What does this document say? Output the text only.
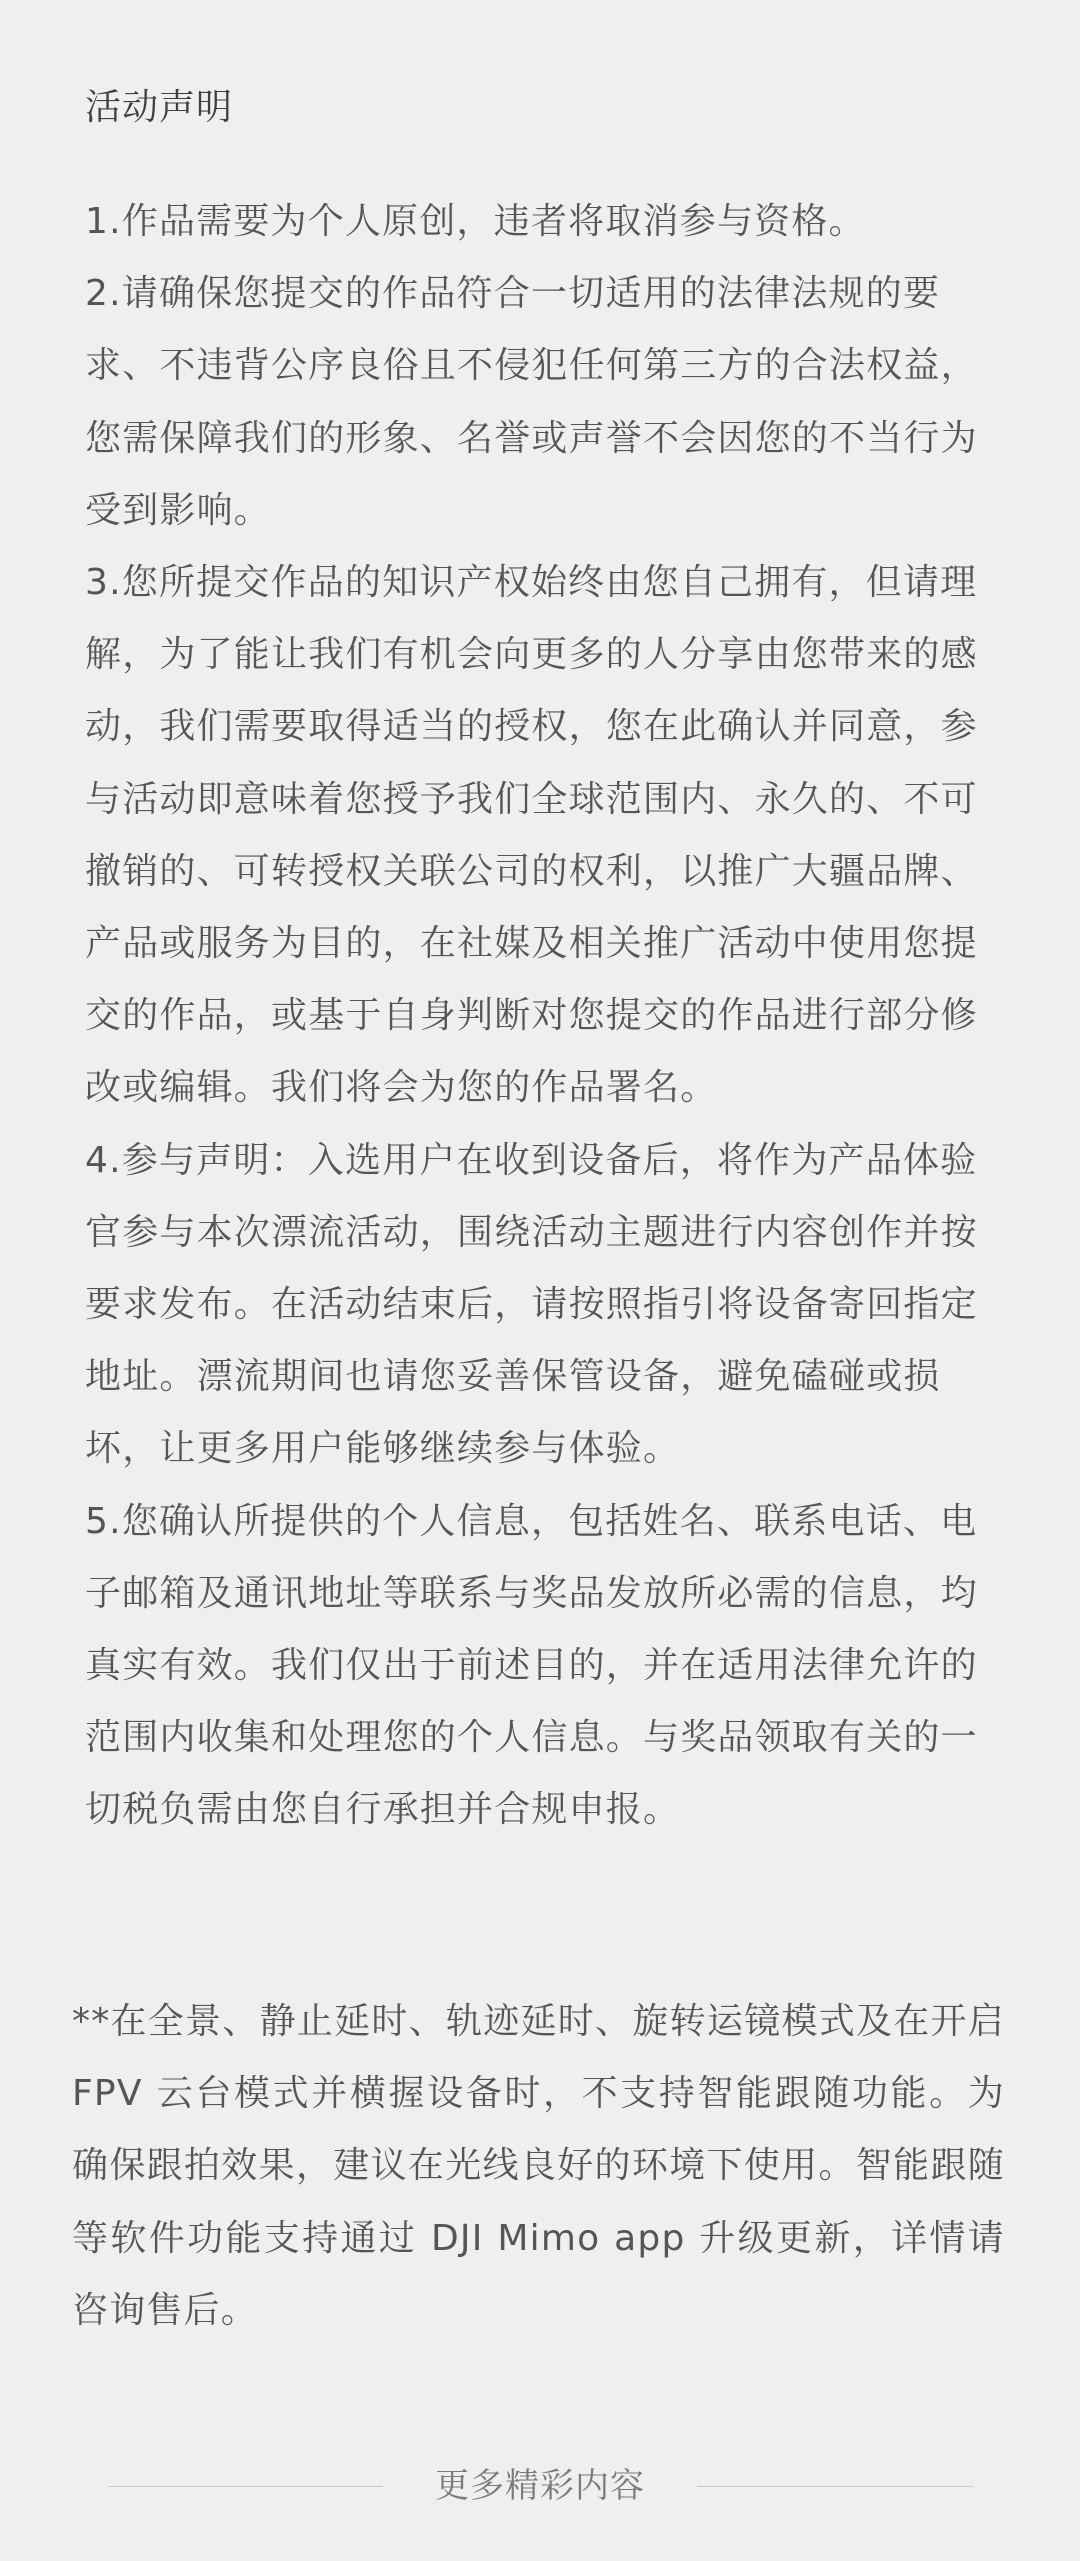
活动声明

1.作品需要为个人原创，违者将取消参与资格。

2.请确保您提交的作品符合一切适用的法律法规的要求、不违背公序良俗且不侵犯任何第三方的合法权益，您需保障我们的形象、名誉或声誉不会因您的不当行为受到影响。

3.您所提交作品的知识产权始终由您自己拥有，但请理解，为了能让我们有机会向更多的人分享由您带来的感动，我们需要取得适当的授权，您在此确认并同意，参与活动即意味着您授予我们全球范围内、永久的、不可撤销的、可转授权关联公司的权利，以推广大疆品牌、产品或服务为目的，在社媒及相关推广活动中使用您提交的作品，或基于自身判断对您提交的作品进行部分修改或编辑。我们将会为您的作品署名。

4.参与声明：入选用户在收到设备后，将作为产品体验官参与本次漂流活动，围绕活动主题进行内容创作并按要求发布。在活动结束后，请按照指引将设备寄回指定地址。漂流期间也请您妥善保管设备，避免磕碰或损坏，让更多用户能够继续参与体验。

5.您确认所提供的个人信息，包括姓名、联系电话、电子邮箱及通讯地址等联系与奖品发放所必需的信息，均真实有效。我们仅出于前述目的，并在适用法律允许的范围内收集和处理您的个人信息。与奖品领取有关的一切税负需由您自行承担并合规申报。

**在全景、静止延时、轨迹延时、旋转运镜模式及在开启 FPV 云台模式并横握设备时，不支持智能跟随功能。为确保跟拍效果，建议在光线良好的环境下使用。智能跟随等软件功能支持通过 DJI Mimo app 升级更新，详情请咨询售后。
更多精彩内容
